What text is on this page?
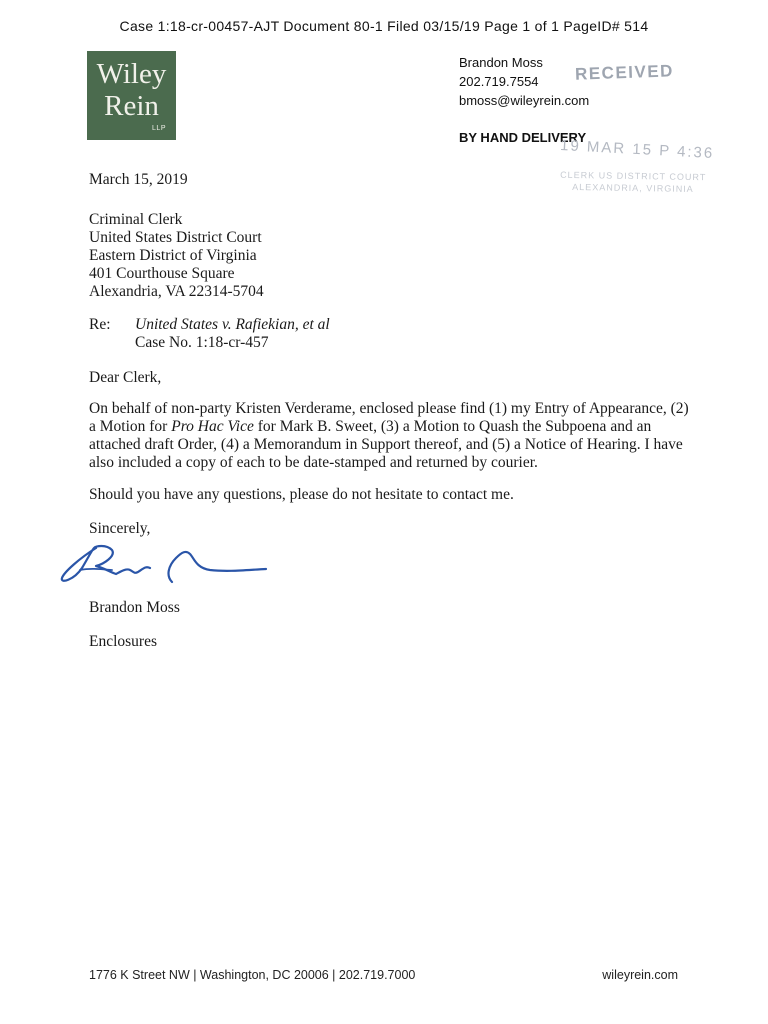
Case 1:18-cr-00457-AJT Document 80-1 Filed 03/15/19 Page 1 of 1 PageID# 514
Wiley
Rein
LLP
Brandon Moss
202.719.7554
bmoss@wileyrein.com
RECEIVED
BY HAND DELIVERY
19 MAR 15 P 4:36
CLERK US DISTRICT COURT
ALEXANDRIA, VIRGINIA
March 15, 2019
Criminal Clerk
United States District Court
Eastern District of Virginia
401 Courthouse Square
Alexandria, VA 22314-5704
Re: United States v. Rafiekian, et al
Case No. 1:18-cr-457
Dear Clerk,
On behalf of non-party Kristen Verderame, enclosed please find (1) my Entry of Appearance, (2) a Motion for Pro Hac Vice for Mark B. Sweet, (3) a Motion to Quash the Subpoena and an attached draft Order, (4) a Memorandum in Support thereof, and (5) a Notice of Hearing. I have also included a copy of each to be date-stamped and returned by courier.
Should you have any questions, please do not hesitate to contact me.
Sincerely,
Brandon Moss
Enclosures
1776 K Street NW | Washington, DC 20006 | 202.719.7000	wileyrein.com
